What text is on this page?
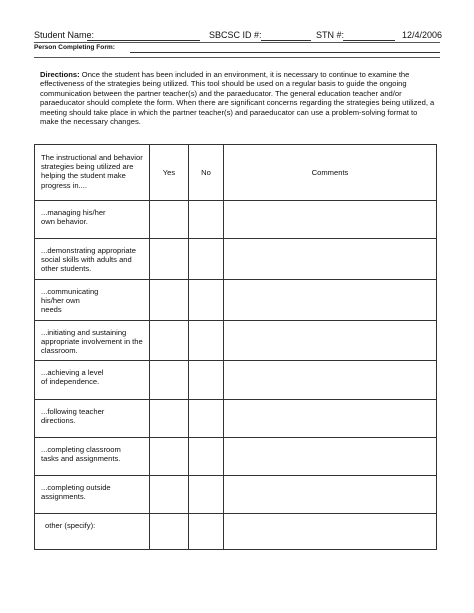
Student Name:	SBCSC ID #:	STN #:	12/4/2006
Person Completing Form:
Directions: Once the student has been included in an environment, it is necessary to continue to examine the effectiveness of the strategies being utilized. This tool should be used on a regular basis to guide the ongoing communication between the partner teacher(s) and the paraeducator. The general education teacher and/or paraeducator should complete the form. When there are significant concerns regarding the strategies being utilized, a meeting should take place in which the partner teacher(s) and paraeducator can use a problem-solving format to make the necessary changes.
The instructional and behavior strategies being utilized are helping the student make progress in....	Yes	No	Comments

...managing his/her own behavior.			

...demonstrating appropriate social skills with adults and other students.			

...communicating his/her own needs			

...initiating and sustaining appropriate involvement in the classroom.			

...achieving a level of independence.			

...following teacher directions.			

...completing classroom tasks and assignments.			

...completing outside assignments.			

other (specify):			
